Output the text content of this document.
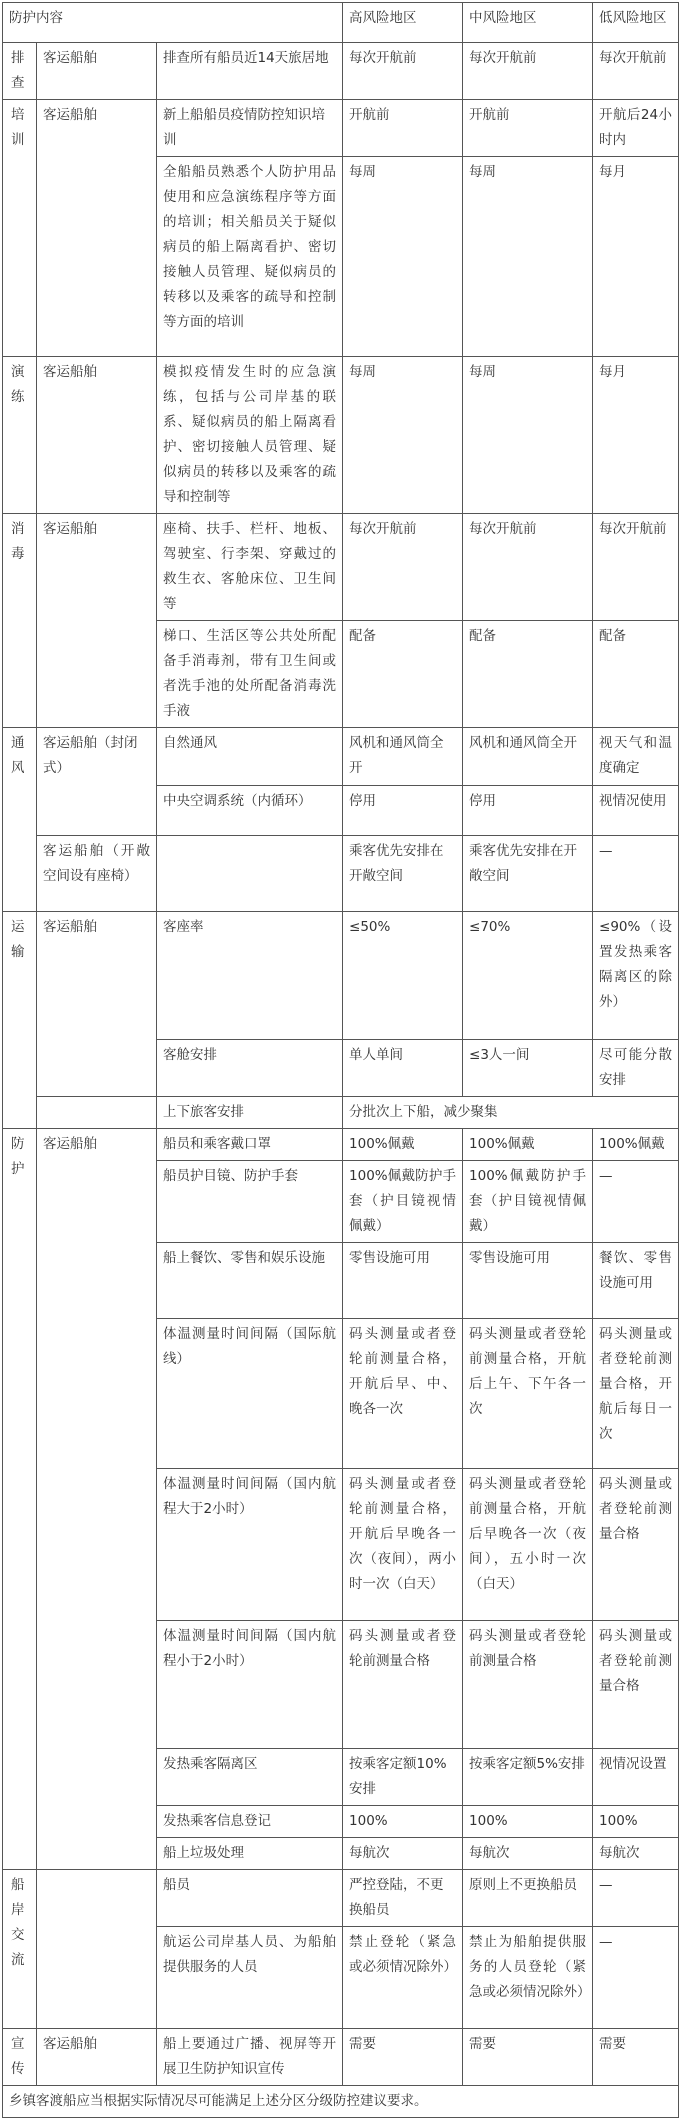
防护内容			高风险地区	中风险地区	低风险地区
排查	客运船舶	排查所有船员近14天旅居地	每次开航前	每次开航前	每次开航前
培训	客运船舶	新上船船员疫情防控知识培训	开航前	开航前	开航后24小时内
		全船船员熟悉个人防护用品使用和应急演练程序等方面的培训；相关船员关于疑似病员的船上隔离看护、密切接触人员管理、疑似病员的转移以及乘客的疏导和控制等方面的培训	每周	每周	每月
演练	客运船舶	模拟疫情发生时的应急演练，包括与公司岸基的联系、疑似病员的船上隔离看护、密切接触人员管理、疑似病员的转移以及乘客的疏导和控制等	每周	每周	每月
消毒	客运船舶	座椅、扶手、栏杆、地板、驾驶室、行李架、穿戴过的救生衣、客舱床位、卫生间等	每次开航前	每次开航前	每次开航前
		梯口、生活区等公共处所配备手消毒剂，带有卫生间或者洗手池的处所配备消毒洗手液	配备	配备	配备
通风	客运船舶（封闭式）	自然通风	风机和通风筒全开	风机和通风筒全开	视天气和温度确定
		中央空调系统（内循环）	停用	停用	视情况使用
	客运船舶（开敞空间设有座椅）		乘客优先安排在开敞空间	乘客优先安排在开敞空间	—
运输	客运船舶	客座率	≤50%	≤70%	≤90%（设置发热乘客隔离区的除外）
		客舱安排	单人单间	≤3人一间	尽可能分散安排
		上下旅客安排	分批次上下船，减少聚集		
防护	客运船舶	船员和乘客戴口罩	100%佩戴	100%佩戴	100%佩戴
		船员护目镜、防护手套	100%佩戴防护手套（护目镜视情佩戴）	100%佩戴防护手套（护目镜视情佩戴）	—
		船上餐饮、零售和娱乐设施	零售设施可用	零售设施可用	餐饮、零售设施可用
		体温测量时间间隔（国际航线）	码头测量或者登轮前测量合格，开航后早、中、晚各一次	码头测量或者登轮前测量合格，开航后上午、下午各一次	码头测量或者登轮前测量合格，开航后每日一次
		体温测量时间间隔（国内航程大于2小时）	码头测量或者登轮前测量合格，开航后早晚各一次（夜间），两小时一次（白天）	码头测量或者登轮前测量合格，开航后早晚各一次（夜间），五小时一次（白天）	码头测量或者登轮前测量合格
		体温测量时间间隔（国内航程小于2小时）	码头测量或者登轮前测量合格	码头测量或者登轮前测量合格	码头测量或者登轮前测量合格
		发热乘客隔离区	按乘客定额10%安排	按乘客定额5%安排	视情况设置
		发热乘客信息登记	100%	100%	100%
		船上垃圾处理	每航次	每航次	每航次
船岸交流		船员	严控登陆，不更换船员	原则上不更换船员	—
		航运公司岸基人员、为船舶提供服务的人员	禁止登轮（紧急或必须情况除外）	禁止为船舶提供服务的人员登轮（紧急或必须情况除外）	—
宣传	客运船舶	船上要通过广播、视屏等开展卫生防护知识宣传	需要	需要	需要
乡镇客渡船应当根据实际情况尽可能满足上述分区分级防控建议要求。					
